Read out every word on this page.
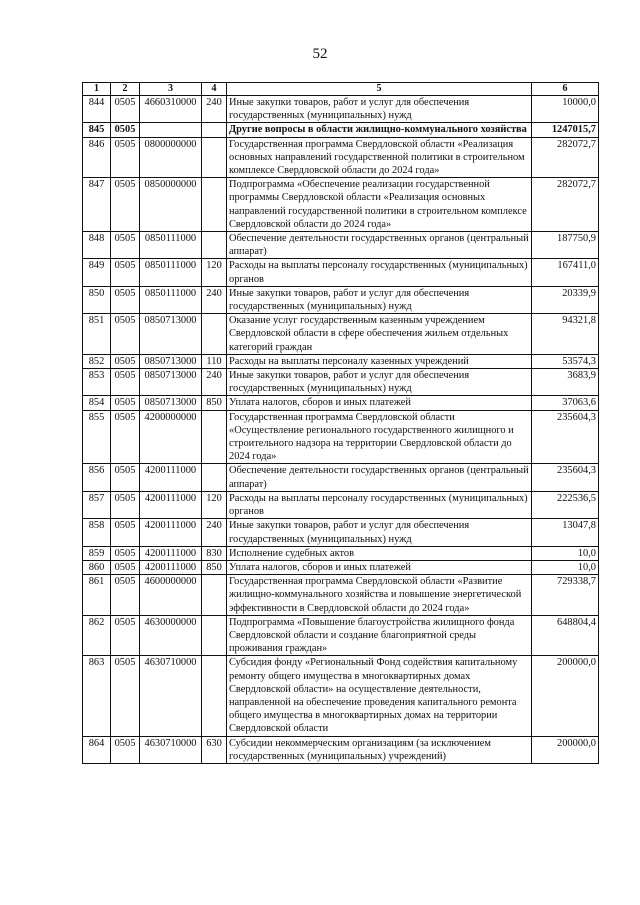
52
1	2	3	4	5	6
844	0505	4660310000	240	Иные закупки товаров, работ и услуг для обеспечения государственных (муниципальных) нужд	10000,0
845	0505			Другие вопросы в области жилищно-коммунального хозяйства	1247015,7
846	0505	0800000000		Государственная программа Свердловской области «Реализация основных направлений государственной политики в строительном комплексе Свердловской области до 2024 года»	282072,7
847	0505	0850000000		Подпрограмма «Обеспечение реализации государственной программы Свердловской области «Реализация основных направлений государственной политики в строительном комплексе Свердловской области до 2024 года»	282072,7
848	0505	0850111000		Обеспечение деятельности государственных органов (центральный аппарат)	187750,9
849	0505	0850111000	120	Расходы на выплаты персоналу государственных (муниципальных) органов	167411,0
850	0505	0850111000	240	Иные закупки товаров, работ и услуг для обеспечения государственных (муниципальных) нужд	20339,9
851	0505	0850713000		Оказание услуг государственным казенным учреждением Свердловской области в сфере обеспечения жильем отдельных категорий граждан	94321,8
852	0505	0850713000	110	Расходы на выплаты персоналу казенных учреждений	53574,3
853	0505	0850713000	240	Иные закупки товаров, работ и услуг для обеспечения государственных (муниципальных) нужд	3683,9
854	0505	0850713000	850	Уплата налогов, сборов и иных платежей	37063,6
855	0505	4200000000		Государственная программа Свердловской области «Осуществление регионального государственного жилищного и строительного надзора на территории Свердловской области до 2024 года»	235604,3
856	0505	4200111000		Обеспечение деятельности государственных органов (центральный аппарат)	235604,3
857	0505	4200111000	120	Расходы на выплаты персоналу государственных (муниципальных) органов	222536,5
858	0505	4200111000	240	Иные закупки товаров, работ и услуг для обеспечения государственных (муниципальных) нужд	13047,8
859	0505	4200111000	830	Исполнение судебных актов	10,0
860	0505	4200111000	850	Уплата налогов, сборов и иных платежей	10,0
861	0505	4600000000		Государственная программа Свердловской области «Развитие жилищно-коммунального хозяйства и повышение энергетической эффективности в Свердловской области до 2024 года»	729338,7
862	0505	4630000000		Подпрограмма «Повышение благоустройства жилищного фонда Свердловской области и создание благоприятной среды проживания граждан»	648804,4
863	0505	4630710000		Субсидия фонду «Региональный Фонд содействия капитальному ремонту общего имущества в многоквартирных домах Свердловской области» на осуществление деятельности, направленной на обеспечение проведения капитального ремонта общего имущества в многоквартирных домах на территории Свердловской области	200000,0
864	0505	4630710000	630	Субсидии некоммерческим организациям (за исключением государственных (муниципальных) учреждений)	200000,0
